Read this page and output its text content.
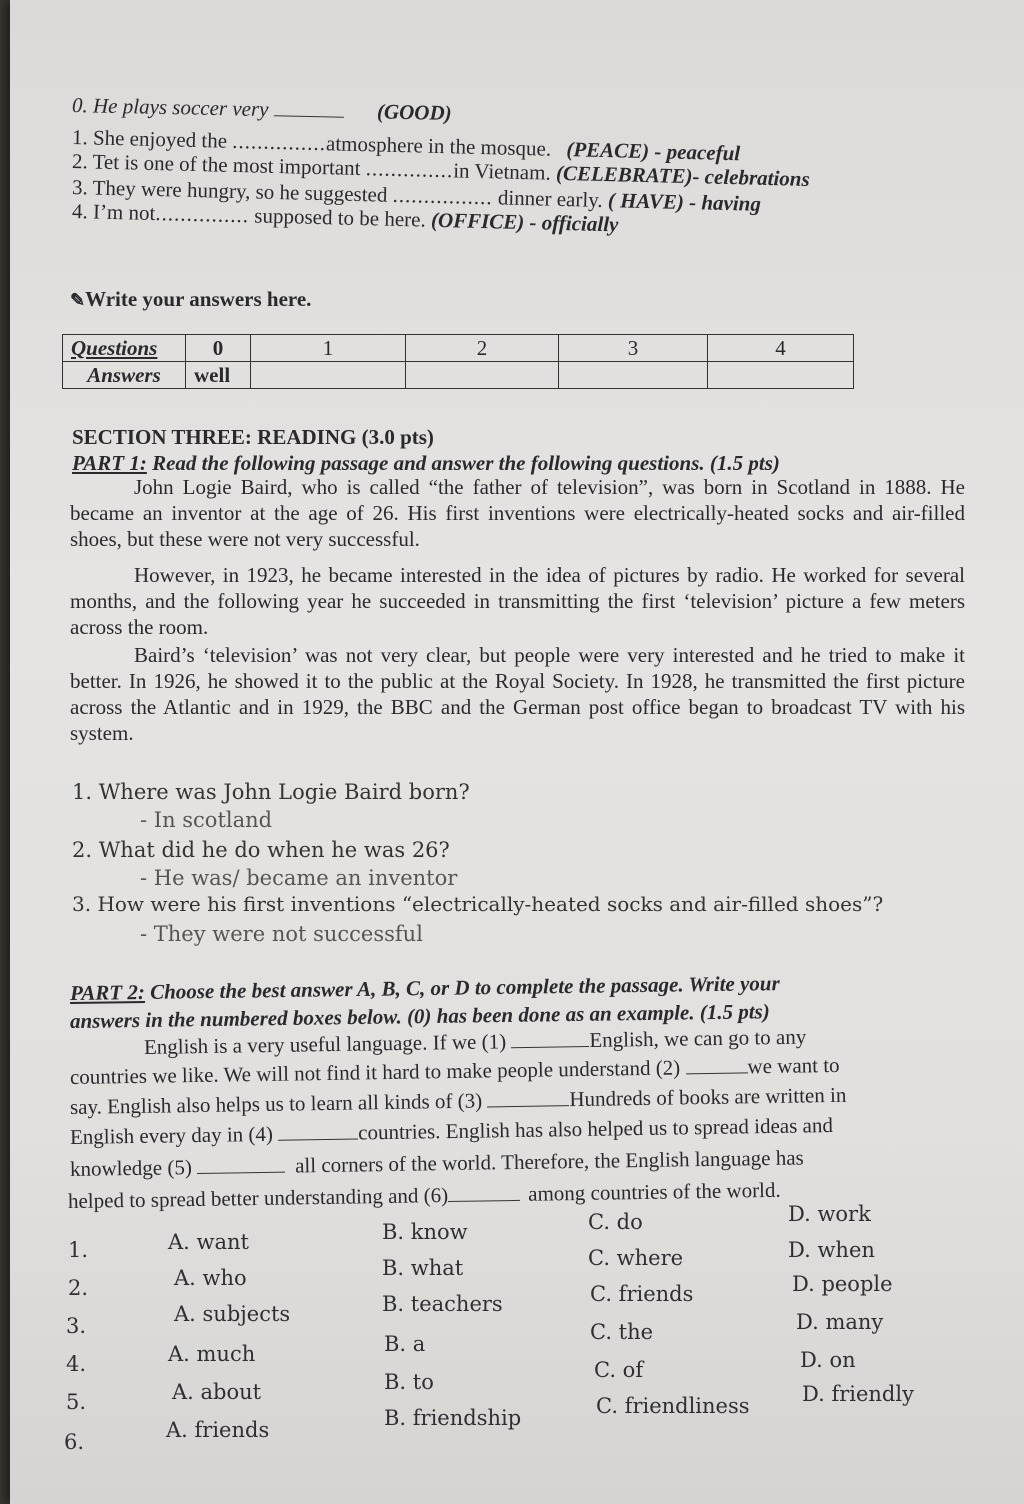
0. He plays soccer very	(GOOD)
1. She enjoyed the ...............atmosphere in the mosque. (PEACE) - peaceful
2. Tet is one of the most important ..............in Vietnam. (CELEBRATE)- celebrations
3. They were hungry, so he suggested ................ dinner early. ( HAVE) - having
4. I’m not............... supposed to be here. (OFFICE) - officially
✎Write your answers here.
Questions	0	1	2	3	4
Answers	well				
SECTION THREE: READING (3.0 pts)
PART 1: Read the following passage and answer the following questions. (1.5 pts)
John Logie Baird, who is called “the father of television”, was born in Scotland in 1888. He became an inventor at the age of 26. His first inventions were electrically-heated socks and air-filled shoes, but these were not very successful.
However, in 1923, he became interested in the idea of pictures by radio. He worked for several months, and the following year he succeeded in transmitting the first ‘television’ picture a few meters across the room.
Baird’s ‘television’ was not very clear, but people were very interested and he tried to make it better. In 1926, he showed it to the public at the Royal Society. In 1928, he transmitted the first picture across the Atlantic and in 1929, the BBC and the German post office began to broadcast TV with his system.
1. Where was John Logie Baird born?
- In scotland
2. What did he do when he was 26?
- He was/ became an inventor
3. How were his first inventions “electrically-heated socks and air-filled shoes”?
- They were not successful
PART 2: Choose the best answer A, B, C, or D to complete the passage. Write your
answers in the numbered boxes below. (0) has been done as an example. (1.5 pts)
English is a very useful language. If we (1)	English, we can go to any
countries we like. We will not find it hard to make people understand (2)	we want to
say. English also helps us to learn all kinds of (3)	Hundreds of books are written in
English every day in (4)	countries. English has also helped us to spread ideas and
knowledge (5)	all corners of the world. Therefore, the English language has
helped to spread better understanding and (6)	among countries of the world.
1.	A. want	B. know	C. do	D. work
2.	A. who	B. what	C. where	D. when
3.	A. subjects	B. teachers	C. friends	D. people
4.	A. much	B. a	C. the	D. many
5.	A. about	B. to	C. of	D. on
6.	A. friends	B. friendship	C. friendliness D. friendly
